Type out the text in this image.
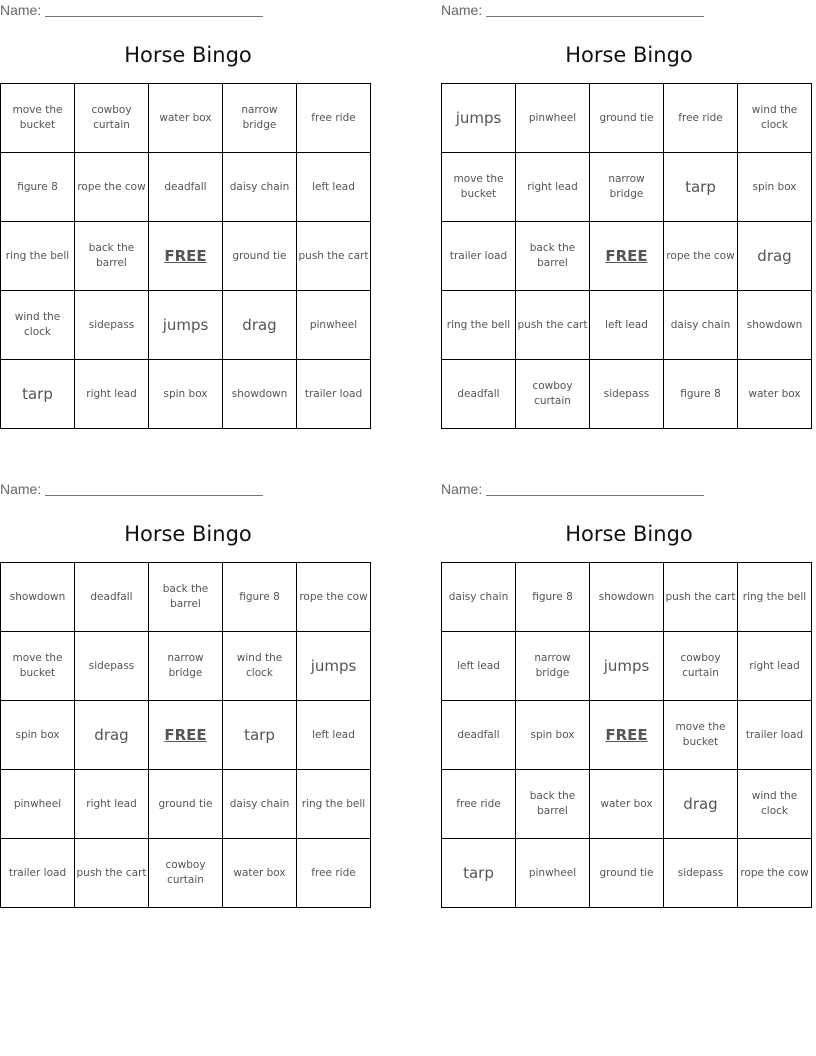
Name:
Horse Bingo
move the bucket	cowboy curtain	water box	narrow bridge	free ride
figure 8	rope the cow	deadfall	daisy chain	left lead
ring the bell	back the barrel	FREE	ground tie	push the cart
wind the clock	sidepass	jumps	drag	pinwheel
tarp	right lead	spin box	showdown	trailer load
Name:
Horse Bingo
jumps	pinwheel	ground tie	free ride	wind the clock
move the bucket	right lead	narrow bridge	tarp	spin box
trailer load	back the barrel	FREE	rope the cow	drag
ring the bell	push the cart	left lead	daisy chain	showdown
deadfall	cowboy curtain	sidepass	figure 8	water box
Name:
Horse Bingo
showdown	deadfall	back the barrel	figure 8	rope the cow
move the bucket	sidepass	narrow bridge	wind the clock	jumps
spin box	drag	FREE	tarp	left lead
pinwheel	right lead	ground tie	daisy chain	ring the bell
trailer load	push the cart	cowboy curtain	water box	free ride
Name:
Horse Bingo
daisy chain	figure 8	showdown	push the cart	ring the bell
left lead	narrow bridge	jumps	cowboy curtain	right lead
deadfall	spin box	FREE	move the bucket	trailer load
free ride	back the barrel	water box	drag	wind the clock
tarp	pinwheel	ground tie	sidepass	rope the cow
